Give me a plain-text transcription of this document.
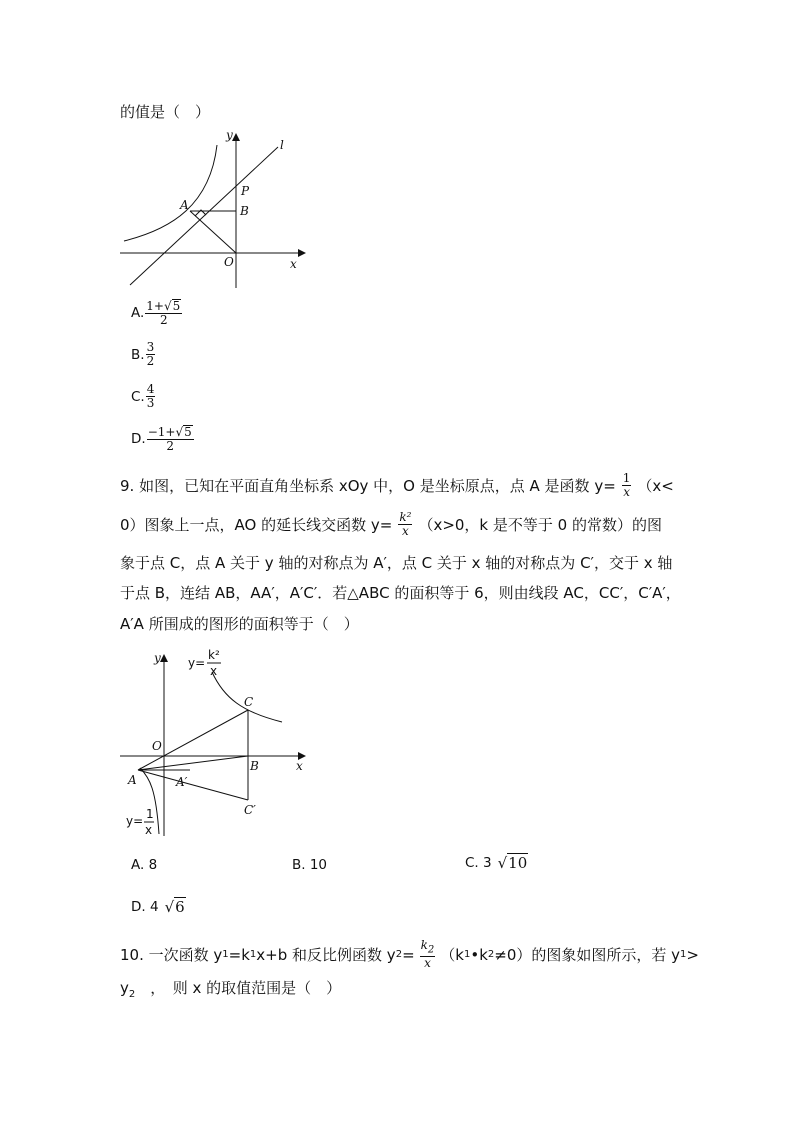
的值是（　）
y
l
P
A	B
O	x
A. $\frac{1+√5}{2}$
B. $\frac{3}{2}$
C. $\frac{4}{3}$
D. $\frac{-1+√5}{2}$
9. 如图，已知在平面直角坐标系 xOy 中，O 是坐标原点，点 A 是函数 $y= \frac{1}{x} (x<$
0）图象上一点，AO 的延长线交函数 $y= \frac{\text{k²}}{x} (x>0$，k 是不等于 0 的常数）的图
象于点 C，点 A 关于 y 轴的对称点为 A′，点 C 关于 x 轴的对称点为 C′，交于 x 轴
于点 B，连结 AB，AA′，A′C′．若△ABC 的面积等于 6，则由线段 AC，CC′，C′A′，
A′A 所围成的图形的面积等于（　）
y
O
x
A	A′
B
C
C′
y=
k²
x
y= 1
x
A. 8	B. 10	C. 3 √10
D. 4 √6
10. 一次函数 y 1 =k 1 x+b 和反比例函数 y $2 = \frac{k_2}{x} (k$ 1 •k 2 ≠0）的图象如图所示，若 y 1 >
$y_2$　，　则 x 的取值范围是（　）
